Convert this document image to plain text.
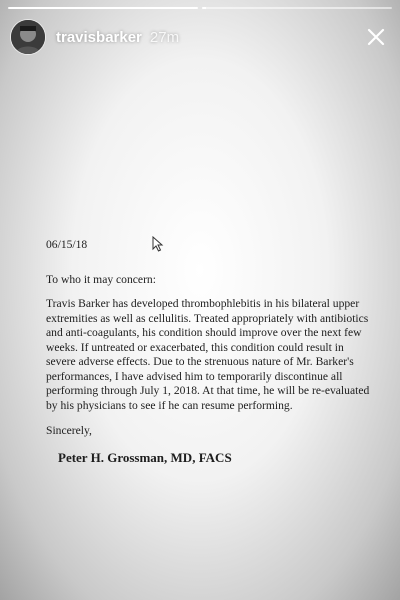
travisbarker 27m

06/15/18

To who it may concern:

Travis Barker has developed thrombophlebitis in his bilateral upper extremities as well as cellulitis. Treated appropriately with antibiotics and anti-coagulants, his condition should improve over the next few weeks. If untreated or exacerbated, this condition could result in severe adverse effects. Due to the strenuous nature of Mr. Barker's performances, I have advised him to temporarily discontinue all performing through July 1, 2018. At that time, he will be re-evaluated by his physicians to see if he can resume performing.

Sincerely,

Peter H. Grossman, MD, FACS
